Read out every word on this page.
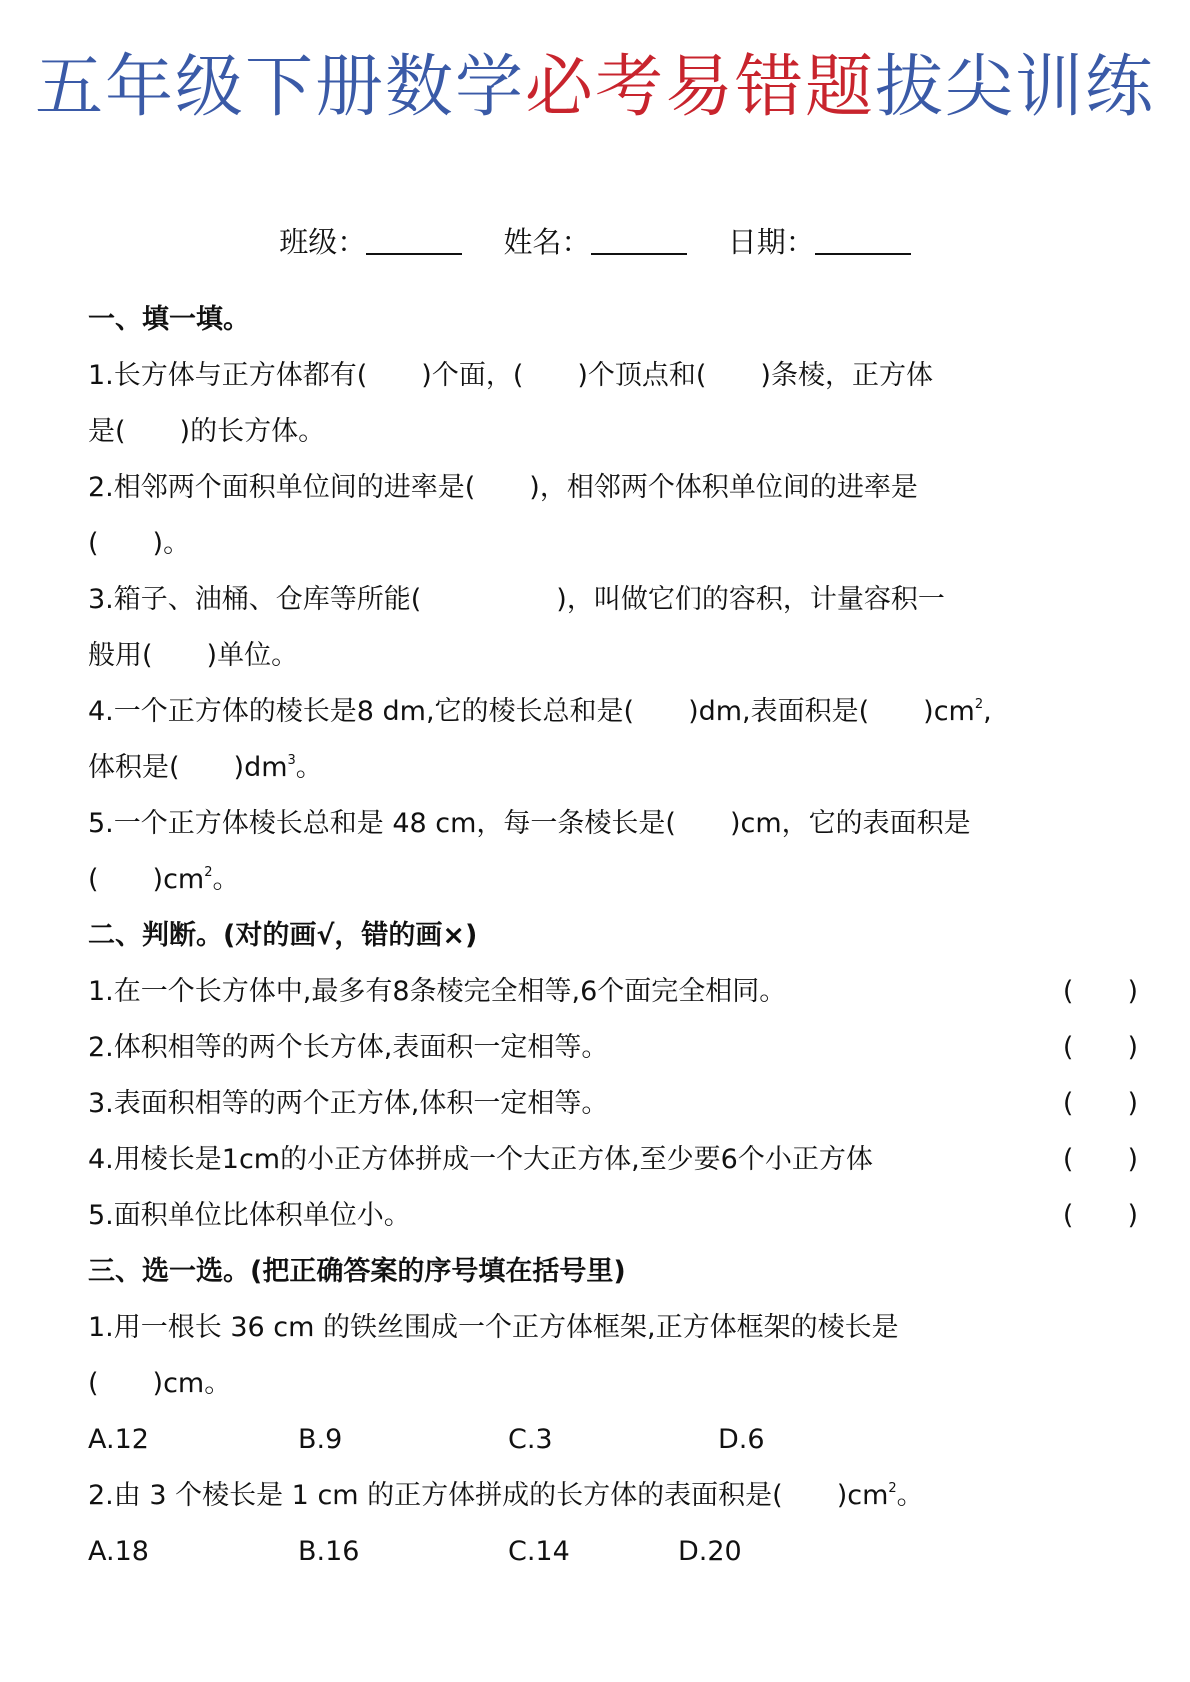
五年级下册数学必考易错题拔尖训练
班级：	姓名：	日期：
一、填一填。
1.长方体与正方体都有(　　)个面，(　　)个顶点和(　　)条棱，正方体
是(　　)的长方体。
2.相邻两个面积单位间的进率是(　　)，相邻两个体积单位间的进率是
(　　)。
3.箱子、油桶、仓库等所能(　　　　　)，叫做它们的容积，计量容积一
般用(　　)单位。
4.一个正方体的棱长是8 dm,它的棱长总和是(　　)dm,表面积是(　　)$cm^2$,
体积是(　　)$dm^3$。
5.一个正方体棱长总和是 48 cm，每一条棱长是(　　)cm，它的表面积是
(　　)$cm^2$。
二、判断。(对的画√，错的画×)
1.在一个长方体中,最多有8条棱完全相等,6个面完全相同。	(　　)
2.体积相等的两个长方体,表面积一定相等。	(　　)
3.表面积相等的两个正方体,体积一定相等。	(　　)
4.用棱长是1cm的小正方体拼成一个大正方体,至少要6个小正方体	(　　)
5.面积单位比体积单位小。	(　　)
三、选一选。(把正确答案的序号填在括号里)
1.用一根长 36 cm 的铁丝围成一个正方体框架,正方体框架的棱长是
(　　)cm。
A.12	B.9	C.3	D.6
2.由 3 个棱长是 1 cm 的正方体拼成的长方体的表面积是(　　)$cm^2$。
A.18	B.16	C.14	D.20
